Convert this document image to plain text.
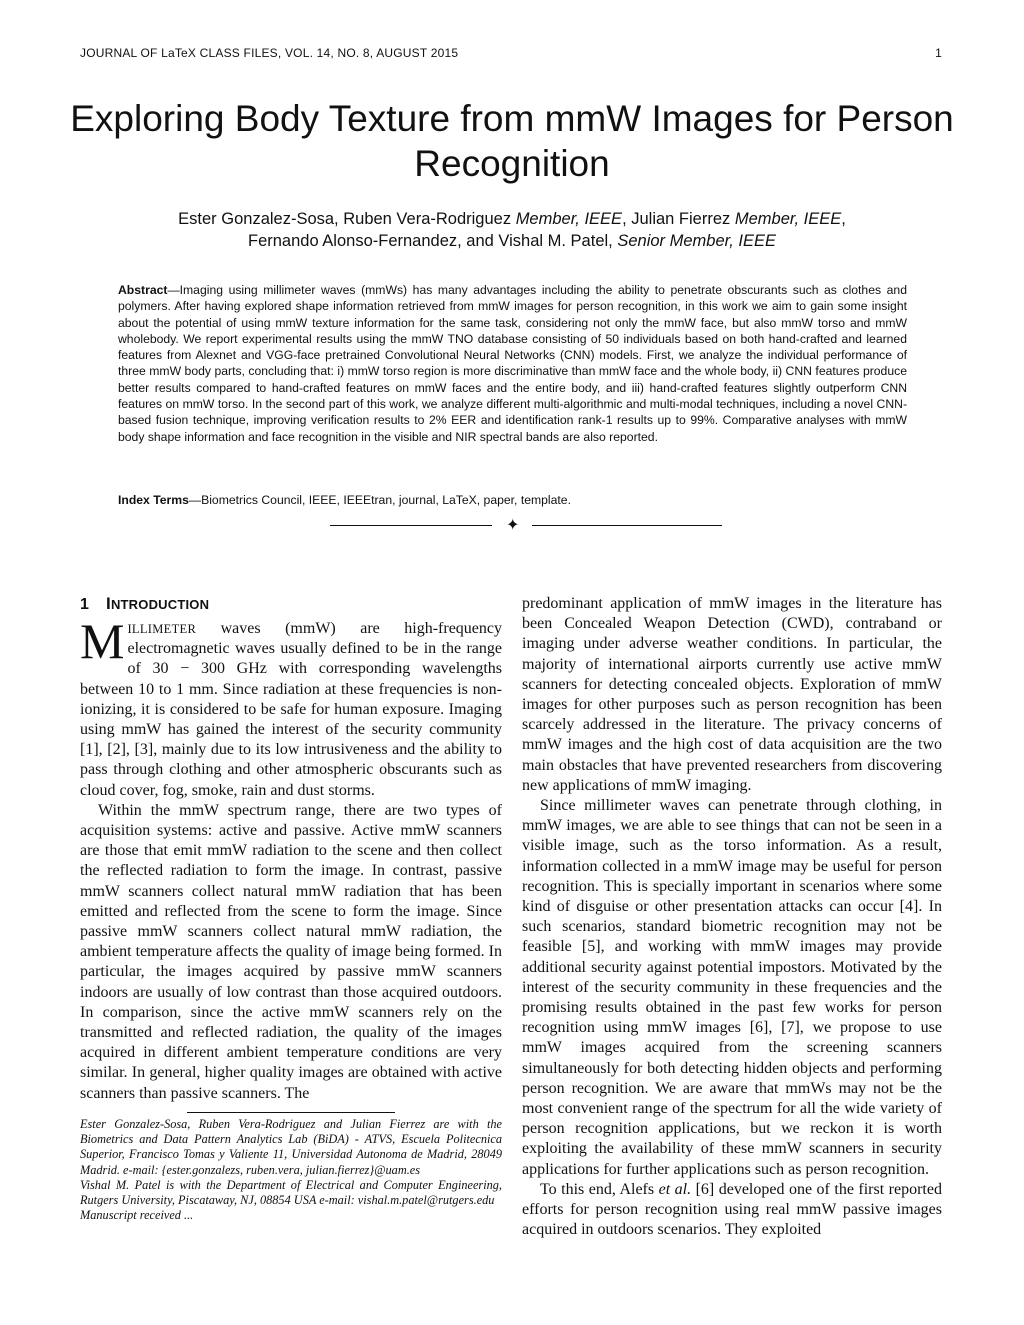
JOURNAL OF LaTeX CLASS FILES, VOL. 14, NO. 8, AUGUST 2015	1
Exploring Body Texture from mmW Images for Person Recognition
Ester Gonzalez-Sosa, Ruben Vera-Rodriguez Member, IEEE, Julian Fierrez Member, IEEE,
Fernando Alonso-Fernandez, and Vishal M. Patel, Senior Member, IEEE
Abstract—Imaging using millimeter waves (mmWs) has many advantages including the ability to penetrate obscurants such as clothes and polymers. After having explored shape information retrieved from mmW images for person recognition, in this work we aim to gain some insight about the potential of using mmW texture information for the same task, considering not only the mmW face, but also mmW torso and mmW wholebody. We report experimental results using the mmW TNO database consisting of 50 individuals based on both hand-crafted and learned features from Alexnet and VGG-face pretrained Convolutional Neural Networks (CNN) models. First, we analyze the individual performance of three mmW body parts, concluding that: i) mmW torso region is more discriminative than mmW face and the whole body, ii) CNN features produce better results compared to hand-crafted features on mmW faces and the entire body, and iii) hand-crafted features slightly outperform CNN features on mmW torso. In the second part of this work, we analyze different multi-algorithmic and multi-modal techniques, including a novel CNN-based fusion technique, improving verification results to 2% EER and identification rank-1 results up to 99%. Comparative analyses with mmW body shape information and face recognition in the visible and NIR spectral bands are also reported.
Index Terms—Biometrics Council, IEEE, IEEEtran, journal, LaTeX, paper, template.
✦
1 INTRODUCTION

MILLIMETER waves (mmW) are high-frequency electromagnetic waves usually defined to be in the range of 30 − 300 GHz with corresponding wavelengths between 10 to 1 mm. Since radiation at these frequencies is non-ionizing, it is considered to be safe for human exposure. Imaging using mmW has gained the interest of the security community [1], [2], [3], mainly due to its low intrusiveness and the ability to pass through clothing and other atmospheric obscurants such as cloud cover, fog, smoke, rain and dust storms.

Within the mmW spectrum range, there are two types of acquisition systems: active and passive. Active mmW scanners are those that emit mmW radiation to the scene and then collect the reflected radiation to form the image. In contrast, passive mmW scanners collect natural mmW radiation that has been emitted and reflected from the scene to form the image. Since passive mmW scanners collect natural mmW radiation, the ambient temperature affects the quality of image being formed. In particular, the images acquired by passive mmW scanners indoors are usually of low contrast than those acquired outdoors. In comparison, since the active mmW scanners rely on the transmitted and reflected radiation, the quality of the images acquired in different ambient temperature conditions are very similar. In general, higher quality images are obtained with active scanners than passive scanners. The

Ester Gonzalez-Sosa, Ruben Vera-Rodriguez and Julian Fierrez are with the Biometrics and Data Pattern Analytics Lab (BiDA) - ATVS, Escuela Politecnica Superior, Francisco Tomas y Valiente 11, Universidad Autonoma de Madrid, 28049 Madrid. e-mail: {ester.gonzalezs, ruben.vera, julian.fierrez}@uam.es

Vishal M. Patel is with the Department of Electrical and Computer Engineering, Rutgers University, Piscataway, NJ, 08854 USA e-mail: vishal.m.patel@rutgers.edu

Manuscript received ...

predominant application of mmW images in the literature has been Concealed Weapon Detection (CWD), contraband or imaging under adverse weather conditions. In particular, the majority of international airports currently use active mmW scanners for detecting concealed objects. Exploration of mmW images for other purposes such as person recognition has been scarcely addressed in the literature. The privacy concerns of mmW images and the high cost of data acquisition are the two main obstacles that have prevented researchers from discovering new applications of mmW imaging.

Since millimeter waves can penetrate through clothing, in mmW images, we are able to see things that can not be seen in a visible image, such as the torso information. As a result, information collected in a mmW image may be useful for person recognition. This is specially important in scenarios where some kind of disguise or other presentation attacks can occur [4]. In such scenarios, standard biometric recognition may not be feasible [5], and working with mmW images may provide additional security against potential impostors. Motivated by the interest of the security community in these frequencies and the promising results obtained in the past few works for person recognition using mmW images [6], [7], we propose to use mmW images acquired from the screening scanners simultaneously for both detecting hidden objects and performing person recognition. We are aware that mmWs may not be the most convenient range of the spectrum for all the wide variety of person recognition applications, but we reckon it is worth exploiting the availability of these mmW scanners in security applications for further applications such as person recognition.

To this end, Alefs et al. [6] developed one of the first reported efforts for person recognition using real mmW passive images acquired in outdoors scenarios. They exploited
